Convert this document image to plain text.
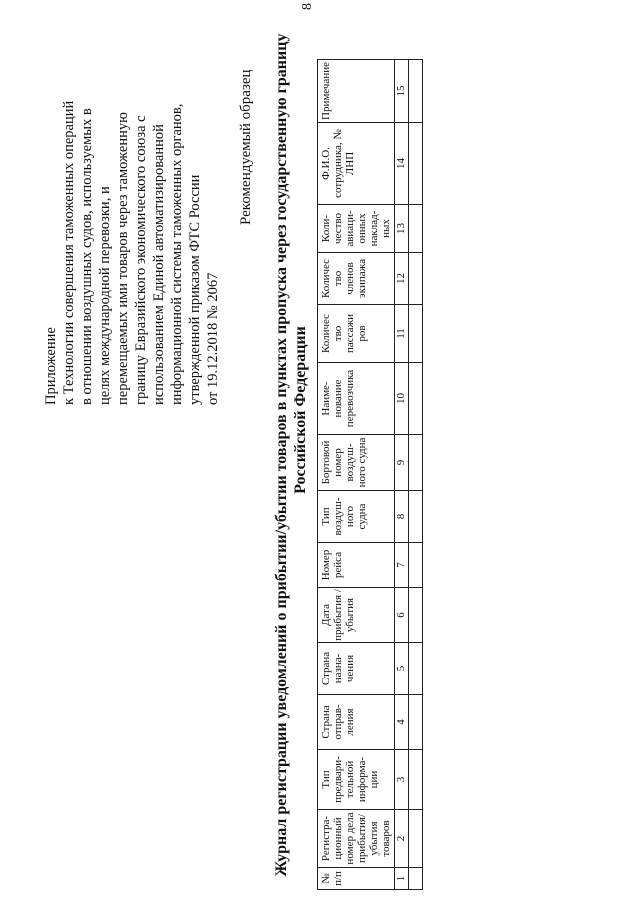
8
Приложение к Технологии совершения таможенных операций в отношении воздушных судов, используемых в целях международной перевозки, и перемещаемых ими товаров через таможенную границу Евразийского экономического союза с использованием Единой автоматизированной информационной системы таможенных органов, утвержденной приказом ФТС России от 19.12.2018 № 2067
Рекомендуемый образец Журнал регистрации уведомлений о прибытии/убытии товаров в пунктах пропуска через государственную границу Российской Федерации
№ п/п	Регистра-ционный номер дела прибытия/ убытия товаров	Тип предвари-тельной информа-ции	Страна отправ-ления	Страна назна-чения	Дата прибытия /убытия	Номер рейса	Тип воздуш-ного судна	Бортовой номер воздуш-ного судна	Наиме-нование перевозчика	Количес тво пассажи ров	Количес тво членов экипажа	Коли-чество авиаци-онных наклад-ных	Ф.И.О. сотрудника, № ЛНП	Примечание
1	2	3	4	5	6	7	8	9	10	11	12	13	14	15
